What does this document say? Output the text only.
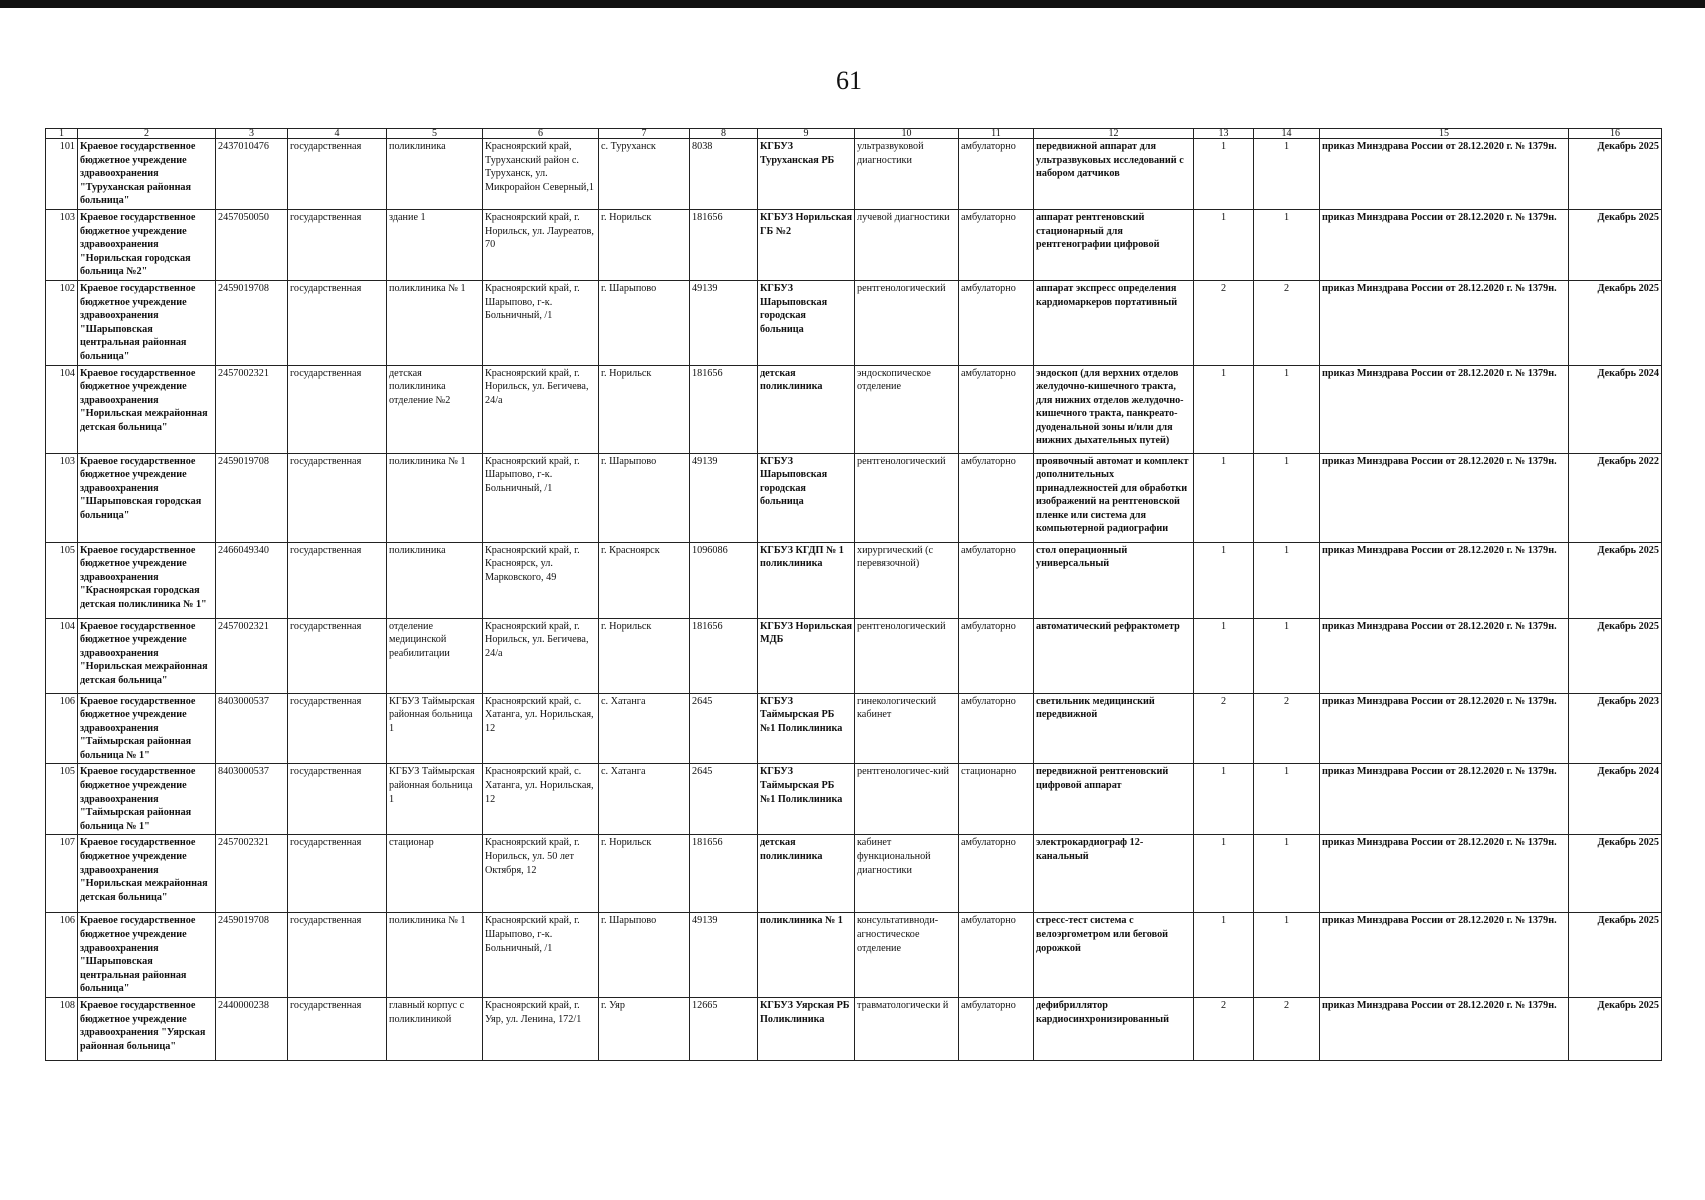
61
1	2	3	4	5	6	7	8	9	10	11	12	13	14	15	16
101	Краевое государственное бюджетное учреждение здравоохранения "Туруханская районная больница"	2437010476	государственная	поликлиника	Красноярский край, Туруханский район с. Туруханск, ул. Микрорайон Северный,1	с. Туруханск	8038	КГБУЗ Туруханская РБ	ультразвуковой диагностики	амбулаторно	передвижной аппарат для ультразвуковых исследований с набором датчиков	1	1	приказ Минздрава России от 28.12.2020 г. № 1379н.	Декабрь 2025
103	Краевое государственное бюджетное учреждение здравоохранения "Норильская городская больница №2"	2457050050	государственная	здание 1	Красноярский край, г. Норильск, ул. Лауреатов, 70	г. Норильск	181656	КГБУЗ Норильская ГБ №2	лучевой диагностики	амбулаторно	аппарат рентгеновский стационарный для рентгенографии цифровой	1	1	приказ Минздрава России от 28.12.2020 г. № 1379н.	Декабрь 2025
102	Краевое государственное бюджетное учреждение здравоохранения "Шарыповская центральная районная больница"	2459019708	государственная	поликлиника № 1	Красноярский край, г. Шарыпово, г-к. Больничный, /1	г. Шарыпово	49139	КГБУЗ Шарыповская городская больница	рентгенологический	амбулаторно	аппарат экспресс определения кардиомаркеров портативный	2	2	приказ Минздрава России от 28.12.2020 г. № 1379н.	Декабрь 2025
104	Краевое государственное бюджетное учреждение здравоохранения "Норильская межрайонная детская больница"	2457002321	государственная	детская поликлиника отделение №2	Красноярский край, г. Норильск, ул. Бегичева, 24/а	г. Норильск	181656	детская поликлиника	эндоскопическое отделение	амбулаторно	эндоскоп (для верхних отделов желудочно-кишечного тракта, для нижних отделов желудочно-кишечного тракта, панкреато-дуоденальной зоны и/или для нижних дыхательных путей)	1	1	приказ Минздрава России от 28.12.2020 г. № 1379н.	Декабрь 2024
103	Краевое государственное бюджетное учреждение здравоохранения "Шарыповская городская больница"	2459019708	государственная	поликлиника № 1	Красноярский край, г. Шарыпово, г-к. Больничный, /1	г. Шарыпово	49139	КГБУЗ Шарыповская городская больница	рентгенологический	амбулаторно	проявочный автомат и комплект дополнительных принадлежностей для обработки изображений на рентгеновской пленке или система для компьютерной радиографии	1	1	приказ Минздрава России от 28.12.2020 г. № 1379н.	Декабрь 2022
105	Краевое государственное бюджетное учреждение здравоохранения "Красноярская городская детская поликлиника № 1"	2466049340	государственная	поликлиника	Красноярский край, г. Красноярск, ул. Марковского, 49	г. Красноярск	1096086	КГБУЗ КГДП № 1 поликлиника	хирургический (с перевязочной)	амбулаторно	стол операционный универсальный	1	1	приказ Минздрава России от 28.12.2020 г. № 1379н.	Декабрь 2025
104	Краевое государственное бюджетное учреждение здравоохранения "Норильская межрайонная детская больница"	2457002321	государственная	отделение медицинской реабилитации	Красноярский край, г. Норильск, ул. Бегичева, 24/а	г. Норильск	181656	КГБУЗ Норильская МДБ	рентгенологический	амбулаторно	автоматический рефрактометр	1	1	приказ Минздрава России от 28.12.2020 г. № 1379н.	Декабрь 2025
106	Краевое государственное бюджетное учреждение здравоохранения "Таймырская районная больница № 1"	8403000537	государственная	КГБУЗ Таймырская районная больница 1	Красноярский край, с. Хатанга, ул. Норильская, 12	с. Хатанга	2645	КГБУЗ Таймырская РБ №1 Поликлиника	гинекологический кабинет	амбулаторно	светильник медицинский передвижной	2	2	приказ Минздрава России от 28.12.2020 г. № 1379н.	Декабрь 2023
105	Краевое государственное бюджетное учреждение здравоохранения "Таймырская районная больница № 1"	8403000537	государственная	КГБУЗ Таймырская районная больница 1	Красноярский край, с. Хатанга, ул. Норильская, 12	с. Хатанга	2645	КГБУЗ Таймырская РБ №1 Поликлиника	рентгенологичес-кий	стационарно	передвижной рентгеновский цифровой аппарат	1	1	приказ Минздрава России от 28.12.2020 г. № 1379н.	Декабрь 2024
107	Краевое государственное бюджетное учреждение здравоохранения "Норильская межрайонная детская больница"	2457002321	государственная	стационар	Красноярский край, г. Норильск, ул. 50 лет Октября, 12	г. Норильск	181656	детская поликлиника	кабинет функциональной диагностики	амбулаторно	электрокардиограф 12-канальный	1	1	приказ Минздрава России от 28.12.2020 г. № 1379н.	Декабрь 2025
106	Краевое государственное бюджетное учреждение здравоохранения "Шарыповская центральная районная больница"	2459019708	государственная	поликлиника № 1	Красноярский край, г. Шарыпово, г-к. Больничный, /1	г. Шарыпово	49139	поликлиника № 1	консультативноди-агностическое отделение	амбулаторно	стресс-тест система с велоэргометром или беговой дорожкой	1	1	приказ Минздрава России от 28.12.2020 г. № 1379н.	Декабрь 2025
108	Краевое государственное бюджетное учреждение здравоохранения "Уярская районная больница"	2440000238	государственная	главный корпус с поликлиникой	Красноярский край, г. Уяр, ул. Ленина, 172/1	г. Уяр	12665	КГБУЗ Уярская РБ Поликлиника	травматологически й	амбулаторно	дефибриллятор кардиосинхронизированный	2	2	приказ Минздрава России от 28.12.2020 г. № 1379н.	Декабрь 2025
